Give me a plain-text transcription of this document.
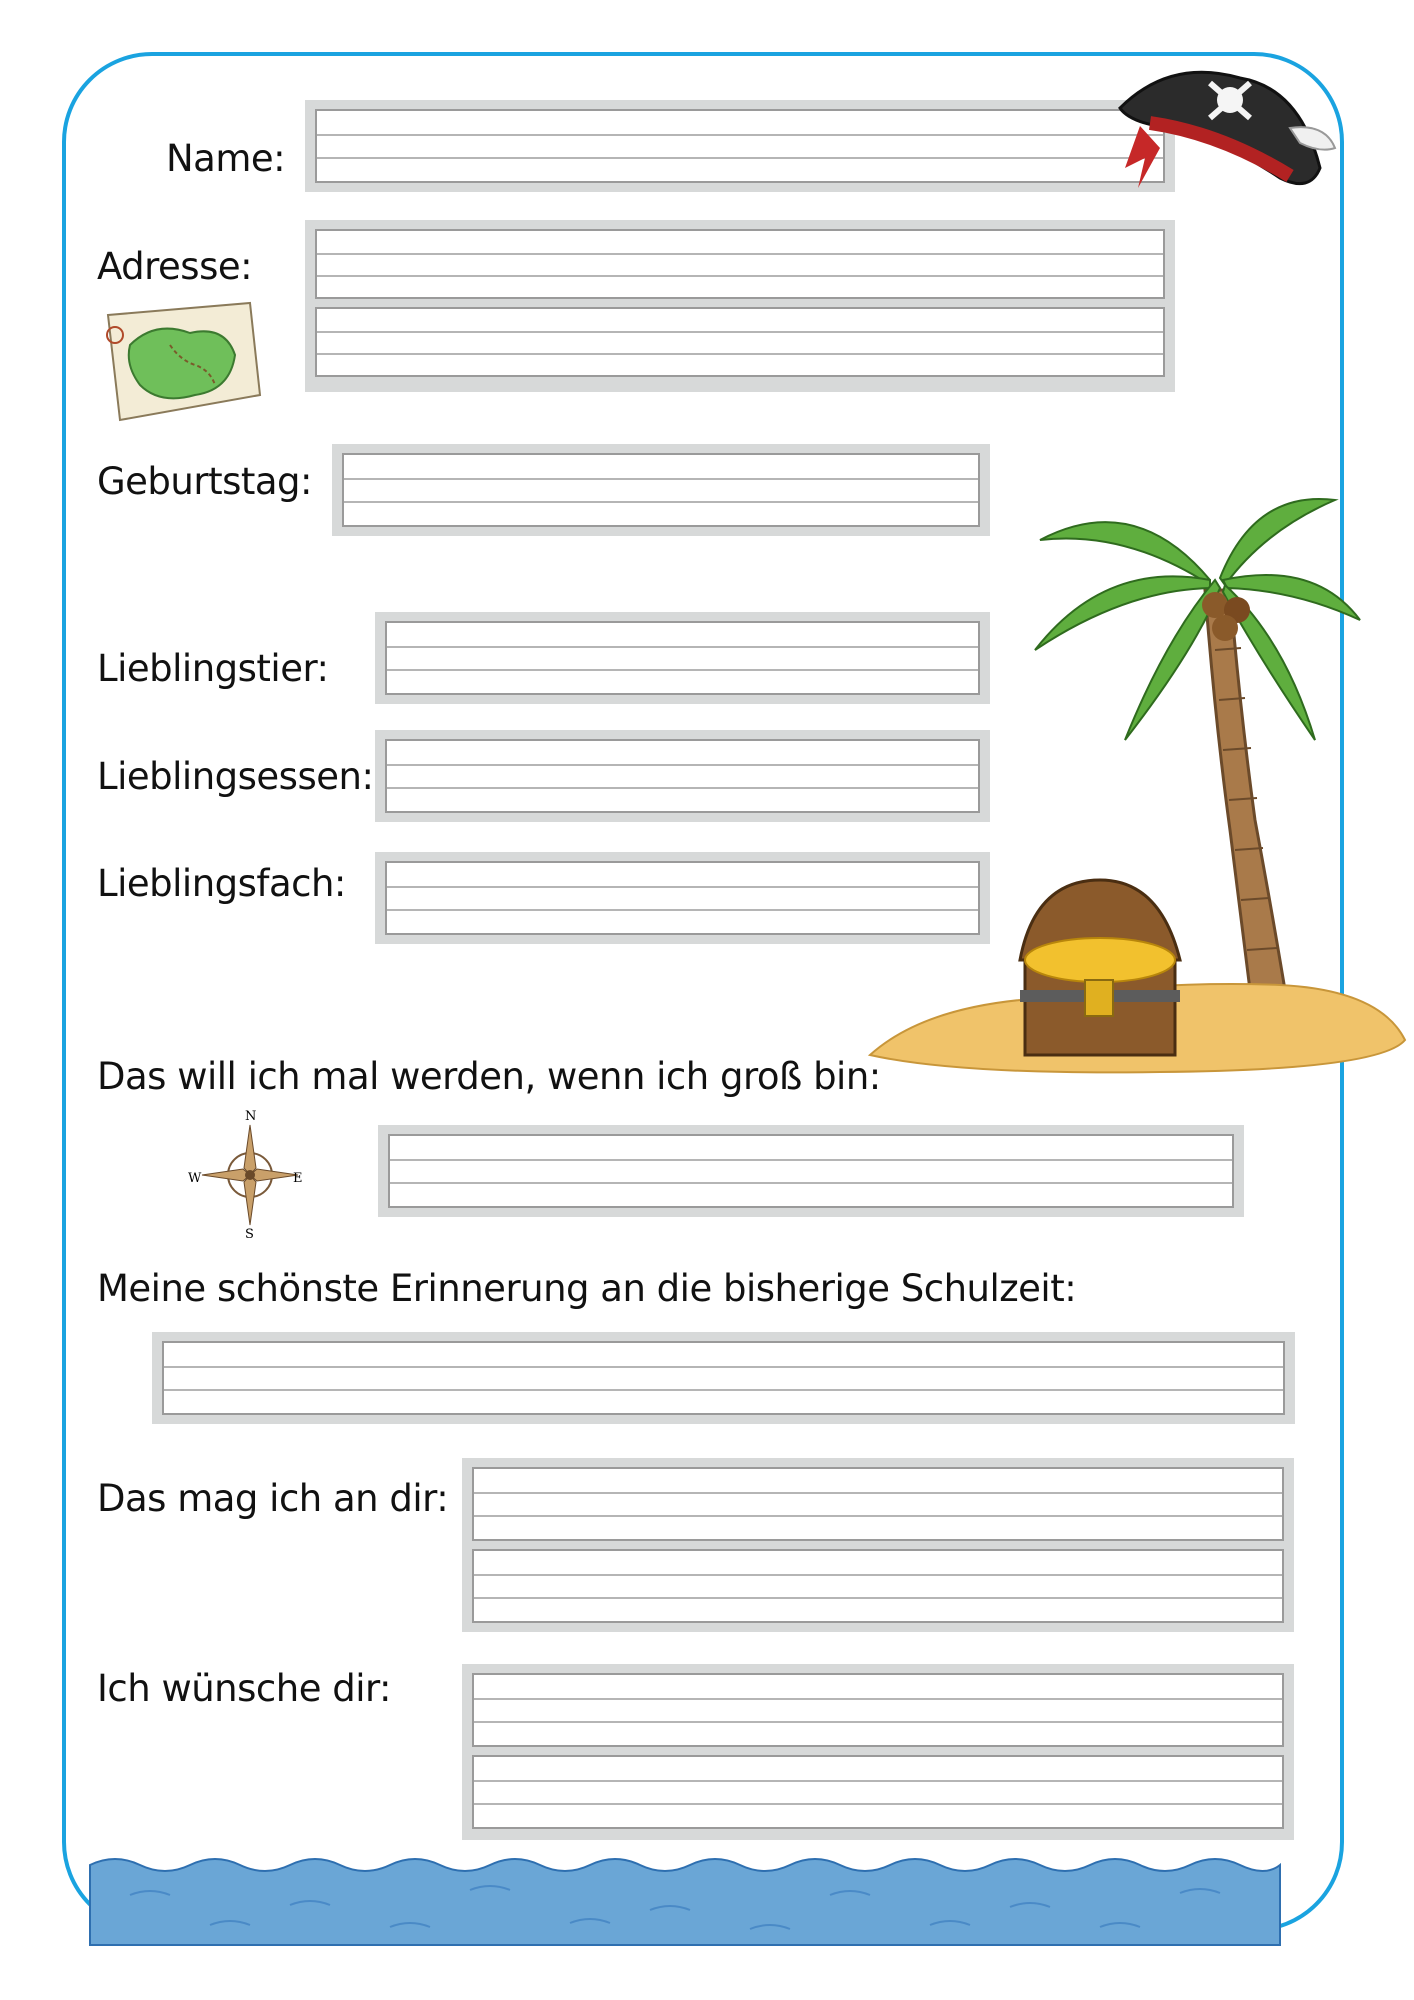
Name:
Adresse:
Geburtstag:
Lieblingstier:
Lieblingsessen:
Lieblingsfach:
Das will ich mal werden, wenn ich groß bin:
N
E
S
W
Meine schönste Erinnerung an die bisherige Schulzeit:
Das mag ich an dir:
Ich wünsche dir:
